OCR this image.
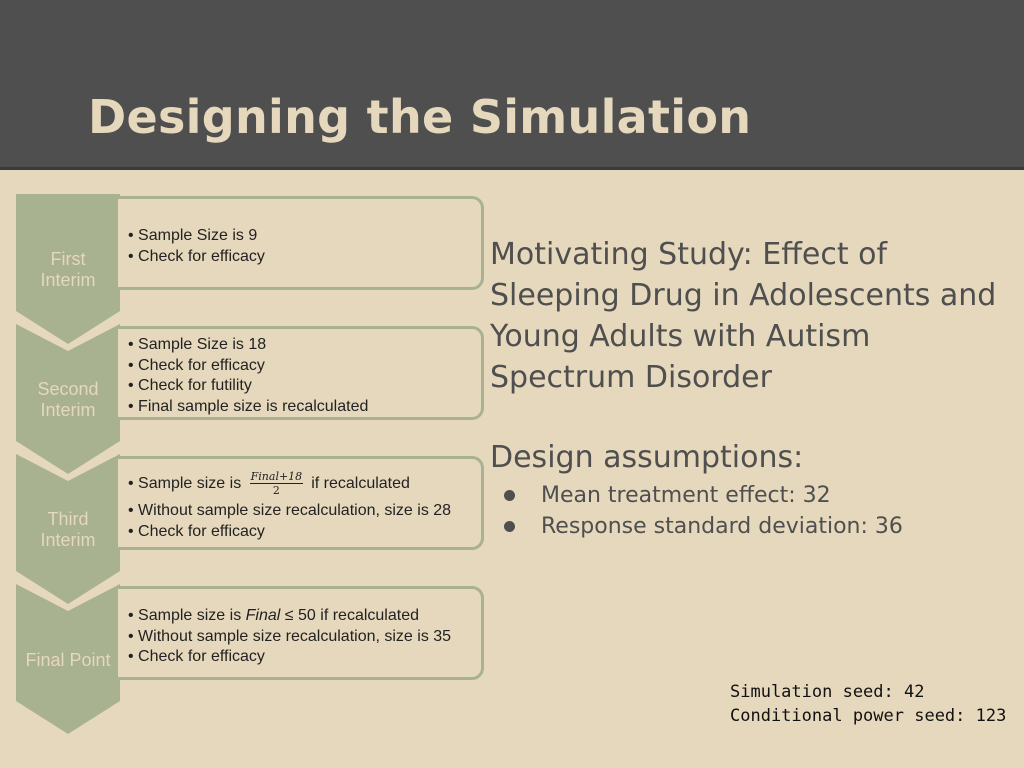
Designing the Simulation
First
Interim
• Sample Size is 9
• Check for efficacy
Second
Interim
• Sample Size is 18
• Check for efficacy
• Check for futility
• Final sample size is recalculated
Third
Interim
• Sample size is $\frac{\text{Final+18}}{2}$ if recalculated
• Without sample size recalculation, size is 28
• Check for efficacy
Final Point
• Sample size is Final ≤ 50 if recalculated
• Without sample size recalculation, size is 35
• Check for efficacy
Motivating Study: Effect of
Sleeping Drug in Adolescents and
Young Adults with Autism
Spectrum Disorder
Design assumptions:
Mean treatment effect: 32
Response standard deviation: 36
Simulation seed: 42
Conditional power seed: 123
